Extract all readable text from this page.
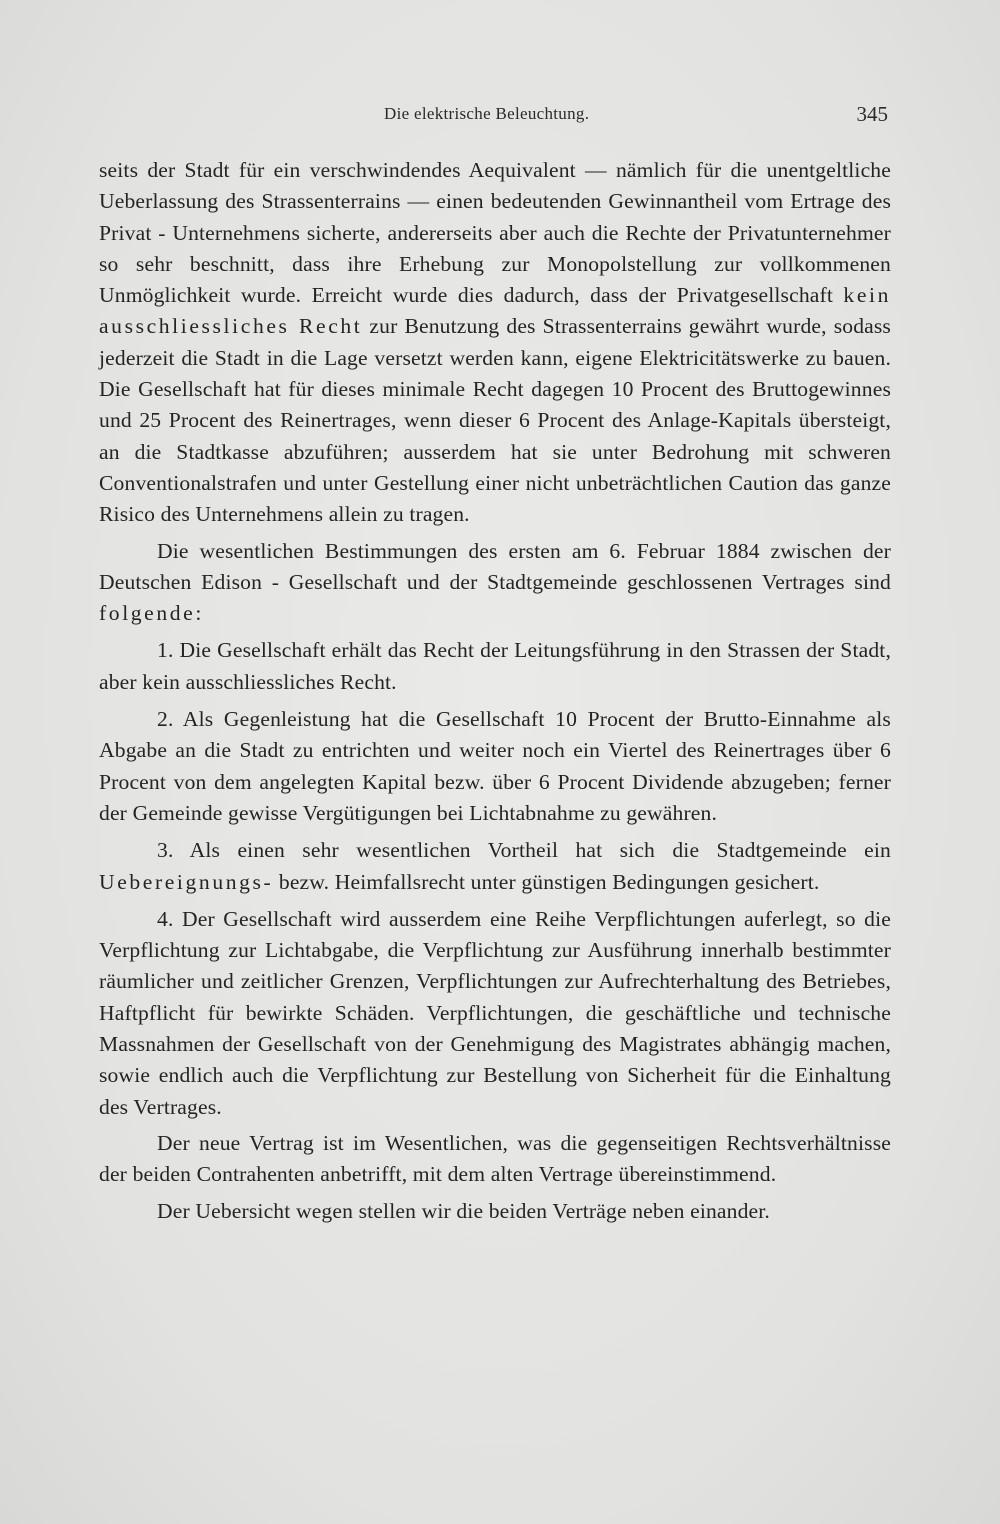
Die elektrische Beleuchtung.	345

seits der Stadt für ein verschwindendes Aequivalent — nämlich für die unentgeltliche Ueberlassung des Strassenterrains — einen bedeutenden Gewinnantheil vom Ertrage des Privat - Unternehmens sicherte, andererseits aber auch die Rechte der Privatunternehmer so sehr beschnitt, dass ihre Erhebung zur Monopolstellung zur vollkommenen Unmöglichkeit wurde. Erreicht wurde dies dadurch, dass der Privatgesellschaft kein ausschliessliches Recht zur Benutzung des Strassenterrains gewährt wurde, sodass jederzeit die Stadt in die Lage versetzt werden kann, eigene Elektricitätswerke zu bauen. Die Gesellschaft hat für dieses minimale Recht dagegen 10 Procent des Bruttogewinnes und 25 Procent des Reinertrages, wenn dieser 6 Procent des Anlage-Kapitals übersteigt, an die Stadtkasse abzuführen; ausserdem hat sie unter Bedrohung mit schweren Conventionalstrafen und unter Gestellung einer nicht unbeträchtlichen Caution das ganze Risico des Unternehmens allein zu tragen.

Die wesentlichen Bestimmungen des ersten am 6. Februar 1884 zwischen der Deutschen Edison - Gesellschaft und der Stadtgemeinde geschlossenen Vertrages sind folgende:

1. Die Gesellschaft erhält das Recht der Leitungsführung in den Strassen der Stadt, aber kein ausschliessliches Recht.

2. Als Gegenleistung hat die Gesellschaft 10 Procent der Brutto-Einnahme als Abgabe an die Stadt zu entrichten und weiter noch ein Viertel des Reinertrages über 6 Procent von dem angelegten Kapital bezw. über 6 Procent Dividende abzugeben; ferner der Gemeinde gewisse Vergütigungen bei Lichtabnahme zu gewähren.

3. Als einen sehr wesentlichen Vortheil hat sich die Stadtgemeinde ein Uebereignungs- bezw. Heimfallsrecht unter günstigen Bedingungen gesichert.

4. Der Gesellschaft wird ausserdem eine Reihe Verpflichtungen auferlegt, so die Verpflichtung zur Lichtabgabe, die Verpflichtung zur Ausführung innerhalb bestimmter räumlicher und zeitlicher Grenzen, Verpflichtungen zur Aufrechterhaltung des Betriebes, Haftpflicht für bewirkte Schäden. Verpflichtungen, die geschäftliche und technische Massnahmen der Gesellschaft von der Genehmigung des Magistrates abhängig machen, sowie endlich auch die Verpflichtung zur Bestellung von Sicherheit für die Einhaltung des Vertrages.

Der neue Vertrag ist im Wesentlichen, was die gegenseitigen Rechtsverhältnisse der beiden Contrahenten anbetrifft, mit dem alten Vertrage übereinstimmend.

Der Uebersicht wegen stellen wir die beiden Verträge neben einander.
